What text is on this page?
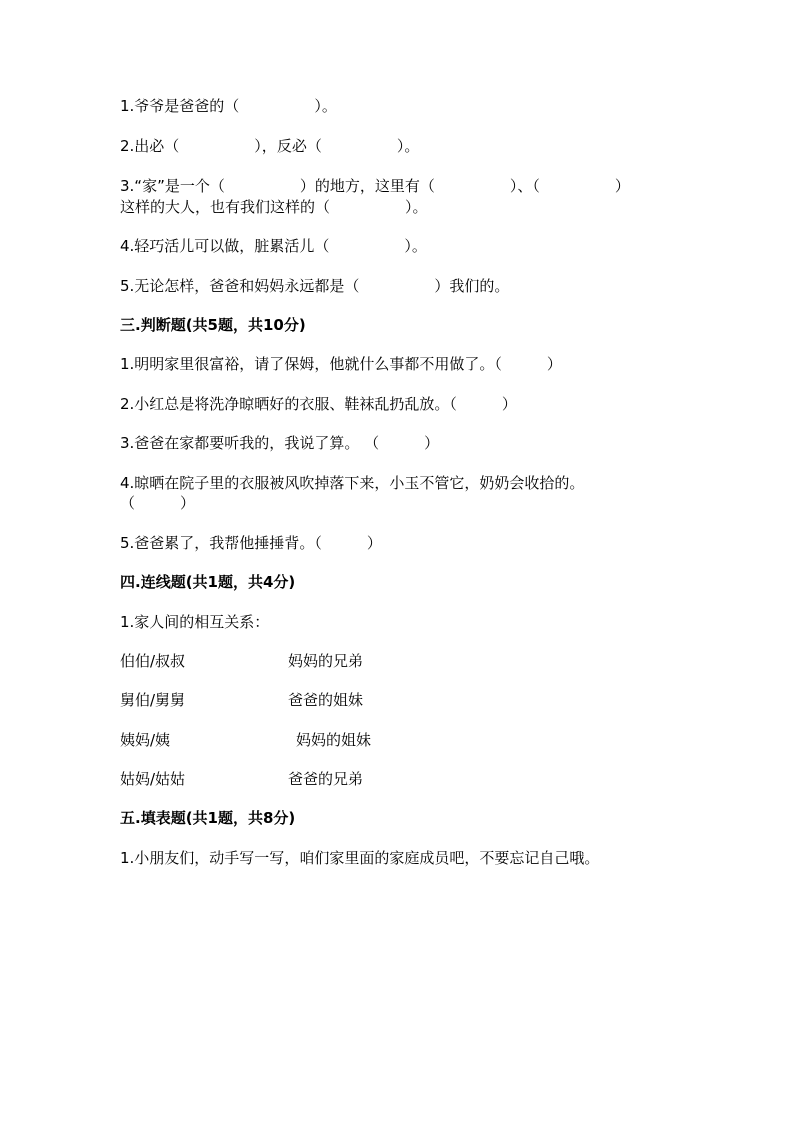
1.爷爷是爸爸的（　　　　　）。
2.出必（　　　　　），反必（　　　　　）。
3.“家”是一个（　　　　　）的地方，这里有（　　　　　）、（　　　　　）
这样的大人，也有我们这样的（　　　　　）。
4.轻巧活儿可以做，脏累活儿（　　　　　）。
5.无论怎样，爸爸和妈妈永远都是（　　　　　）我们的。
三.判断题(共5题，共10分)
1.明明家里很富裕，请了保姆，他就什么事都不用做了。（　　　）
2.小红总是将洗净晾晒好的衣服、鞋袜乱扔乱放。（　　　）
3.爸爸在家都要听我的，我说了算。 （　　　）
4.晾晒在院子里的衣服被风吹掉落下来，小玉不管它，奶奶会收拾的。
（　　　）
5.爸爸累了，我帮他捶捶背。（　　　）
四.连线题(共1题，共4分)
1.家人间的相互关系：
伯伯/叔叔	妈妈的兄弟
舅伯/舅舅	爸爸的姐妹
姨妈/姨	妈妈的姐妹
姑妈/姑姑	爸爸的兄弟
五.填表题(共1题，共8分)
1.小朋友们，动手写一写，咱们家里面的家庭成员吧，不要忘记自己哦。
